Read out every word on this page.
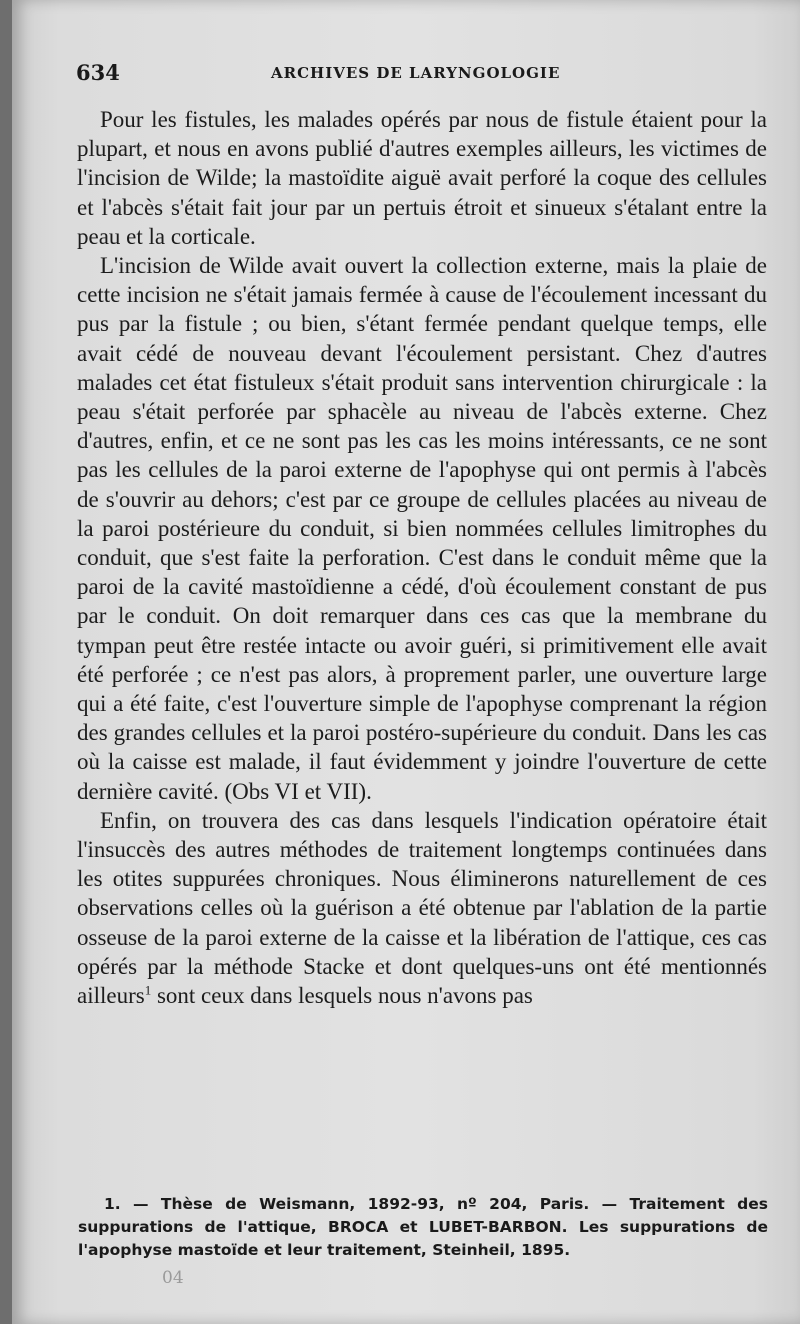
634	ARCHIVES DE LARYNGOLOGIE

Pour les fistules, les malades opérés par nous de fistule étaient pour la plupart, et nous en avons publié d'autres exemples ailleurs, les victimes de l'incision de Wilde; la mastoïdite aiguë avait perforé la coque des cellules et l'abcès s'était fait jour par un pertuis étroit et sinueux s'étalant entre la peau et la corticale.

L'incision de Wilde avait ouvert la collection externe, mais la plaie de cette incision ne s'était jamais fermée à cause de l'écoulement incessant du pus par la fistule ; ou bien, s'étant fermée pendant quelque temps, elle avait cédé de nouveau devant l'écoulement persistant. Chez d'autres malades cet état fistuleux s'était produit sans intervention chirurgicale : la peau s'était perforée par sphacèle au niveau de l'abcès externe. Chez d'autres, enfin, et ce ne sont pas les cas les moins intéressants, ce ne sont pas les cellules de la paroi externe de l'apophyse qui ont permis à l'abcès de s'ouvrir au dehors; c'est par ce groupe de cellules placées au niveau de la paroi postérieure du conduit, si bien nommées cellules limitrophes du conduit, que s'est faite la perforation. C'est dans le conduit même que la paroi de la cavité mastoïdienne a cédé, d'où écoulement constant de pus par le conduit. On doit remarquer dans ces cas que la membrane du tympan peut être restée intacte ou avoir guéri, si primitivement elle avait été perforée ; ce n'est pas alors, à proprement parler, une ouverture large qui a été faite, c'est l'ouverture simple de l'apophyse comprenant la région des grandes cellules et la paroi postéro-supérieure du conduit. Dans les cas où la caisse est malade, il faut évidemment y joindre l'ouverture de cette dernière cavité. (Obs VI et VII).

Enfin, on trouvera des cas dans lesquels l'indication opératoire était l'insuccès des autres méthodes de traitement longtemps continuées dans les otites suppurées chroniques. Nous éliminerons naturellement de ces observations celles où la guérison a été obtenue par l'ablation de la partie osseuse de la paroi externe de la caisse et la libération de l'attique, ces cas opérés par la méthode Stacke et dont quelques-uns ont été mentionnés ailleurs$^1$ sont ceux dans lesquels nous n'avons pas

1. — Thèse de Weismann, 1892-93, nº 204, Paris. — Traitement des suppurations de l'attique, BROCA et LUBET-BARBON. Les suppurations de l'apophyse mastoïde et leur traitement, Steinheil, 1895.

04
